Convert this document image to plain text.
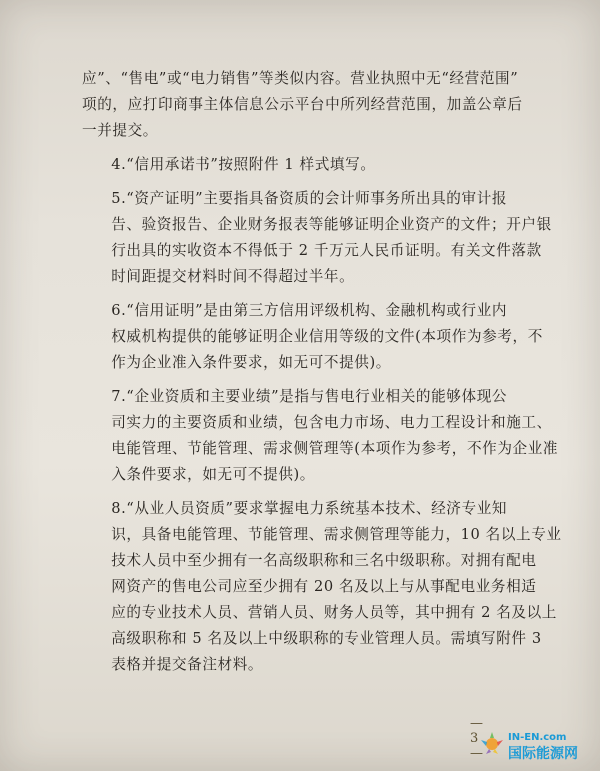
应”、“售电”或“电力销售”等类似内容。营业执照中无“经营范围”
项的，应打印商事主体信息公示平台中所列经营范围，加盖公章后
一并提交。
4.“信用承诺书”按照附件 1 样式填写。
5.“资产证明”主要指具备资质的会计师事务所出具的审计报
告、验资报告、企业财务报表等能够证明企业资产的文件；开户银
行出具的实收资本不得低于 2 千万元人民币证明。有关文件落款
时间距提交材料时间不得超过半年。
6.“信用证明”是由第三方信用评级机构、金融机构或行业内
权威机构提供的能够证明企业信用等级的文件(本项作为参考，不
作为企业准入条件要求，如无可不提供)。
7.“企业资质和主要业绩”是指与售电行业相关的能够体现公
司实力的主要资质和业绩，包含电力市场、电力工程设计和施工、
电能管理、节能管理、需求侧管理等(本项作为参考，不作为企业准
入条件要求，如无可不提供)。
8.“从业人员资质”要求掌握电力系统基本技术、经济专业知
识，具备电能管理、节能管理、需求侧管理等能力，10 名以上专业
技术人员中至少拥有一名高级职称和三名中级职称。对拥有配电
网资产的售电公司应至少拥有 20 名及以上与从事配电业务相适
应的专业技术人员、营销人员、财务人员等，其中拥有 2 名及以上
高级职称和 5 名及以上中级职称的专业管理人员。需填写附件 3
表格并提交备注材料。
— 3 —
IN-EN.com
国际能源网
